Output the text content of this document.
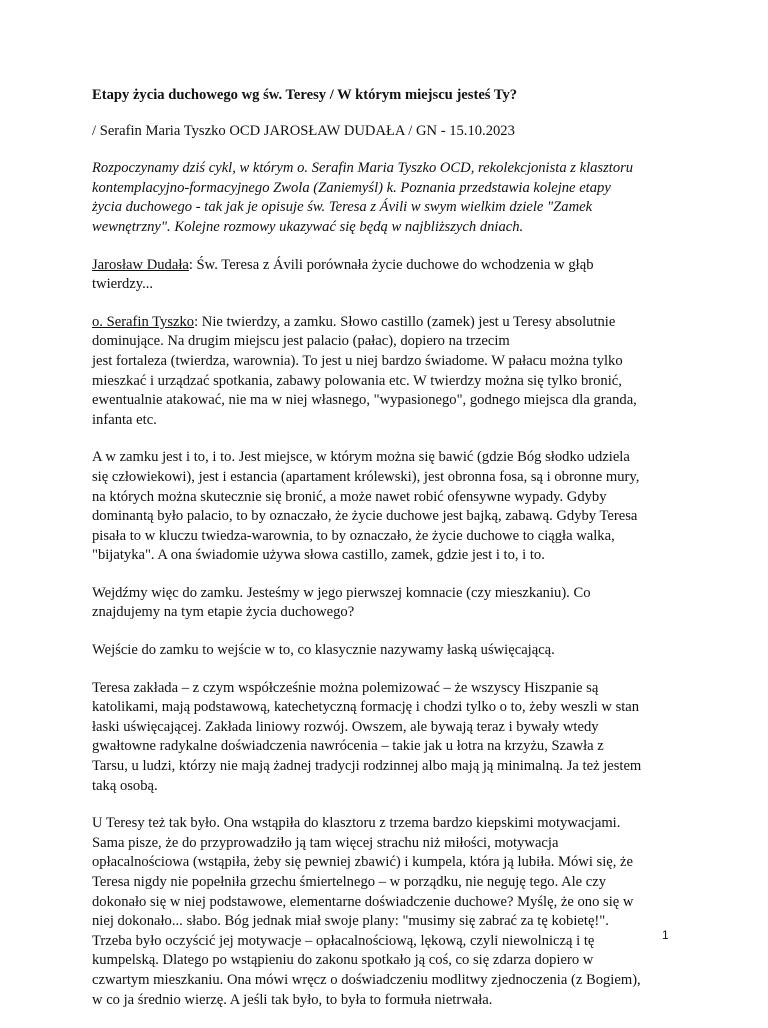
Etapy życia duchowego wg św. Teresy / W którym miejscu jesteś Ty?

/ Serafin Maria Tyszko OCD JAROSŁAW DUDAŁA / GN - 15.10.2023

Rozpoczynamy dziś cykl, w którym o. Serafin Maria Tyszko OCD, rekolekcjonista z klasztoru
kontemplacyjno-formacyjnego Zwola (Zaniemyśl) k. Poznania przedstawia kolejne etapy
życia duchowego - tak jak je opisuje św. Teresa z Ávili w swym wielkim dziele "Zamek
wewnętrzny". Kolejne rozmowy ukazywać się będą w najbliższych dniach.

Jarosław Dudała: Św. Teresa z Ávili porównała życie duchowe do wchodzenia w głąb
twierdzy...

o. Serafin Tyszko: Nie twierdzy, a zamku. Słowo castillo (zamek) jest u Teresy absolutnie
dominujące. Na drugim miejscu jest palacio (pałac), dopiero na trzecim
jest fortaleza (twierdza, warownia). To jest u niej bardzo świadome. W pałacu można tylko
mieszkać i urządzać spotkania, zabawy polowania etc. W twierdzy można się tylko bronić,
ewentualnie atakować, nie ma w niej własnego, "wypasionego", godnego miejsca dla granda,
infanta etc.

A w zamku jest i to, i to. Jest miejsce, w którym można się bawić (gdzie Bóg słodko udziela
się człowiekowi), jest i estancia (apartament królewski), jest obronna fosa, są i obronne mury,
na których można skutecznie się bronić, a może nawet robić ofensywne wypady. Gdyby
dominantą było palacio, to by oznaczało, że życie duchowe jest bajką, zabawą. Gdyby Teresa
pisała to w kluczu twiedza-warownia, to by oznaczało, że życie duchowe to ciągła walka,
"bijatyka". A ona świadomie używa słowa castillo, zamek, gdzie jest i to, i to.

Wejdźmy więc do zamku. Jesteśmy w jego pierwszej komnacie (czy mieszkaniu). Co
znajdujemy na tym etapie życia duchowego?

Wejście do zamku to wejście w to, co klasycznie nazywamy łaską uświęcającą.

Teresa zakłada – z czym współcześnie można polemizować – że wszyscy Hiszpanie są
katolikami, mają podstawową, katechetyczną formację i chodzi tylko o to, żeby weszli w stan
łaski uświęcającej. Zakłada liniowy rozwój. Owszem, ale bywają teraz i bywały wtedy
gwałtowne radykalne doświadczenia nawrócenia – takie jak u łotra na krzyżu, Szawła z
Tarsu, u ludzi, którzy nie mają żadnej tradycji rodzinnej albo mają ją minimalną. Ja też jestem
taką osobą.

U Teresy też tak było. Ona wstąpiła do klasztoru z trzema bardzo kiepskimi motywacjami.
Sama pisze, że do przyprowadziło ją tam więcej strachu niż miłości, motywacja
opłacalnościowa (wstąpiła, żeby się pewniej zbawić) i kumpela, która ją lubiła. Mówi się, że
Teresa nigdy nie popełniła grzechu śmiertelnego – w porządku, nie neguję tego. Ale czy
dokonało się w niej podstawowe, elementarne doświadczenie duchowe? Myślę, że ono się w
niej dokonało... słabo. Bóg jednak miał swoje plany: "musimy się zabrać za tę kobietę!".
Trzeba było oczyścić jej motywacje – opłacalnościową, lękową, czyli niewolniczą i tę
kumpelską. Dlatego po wstąpieniu do zakonu spotkało ją coś, co się zdarza dopiero w
czwartym mieszkaniu. Ona mówi wręcz o doświadczeniu modlitwy zjednoczenia (z Bogiem),
w co ja średnio wierzę. A jeśli tak było, to była to formuła nietrwała.

1
